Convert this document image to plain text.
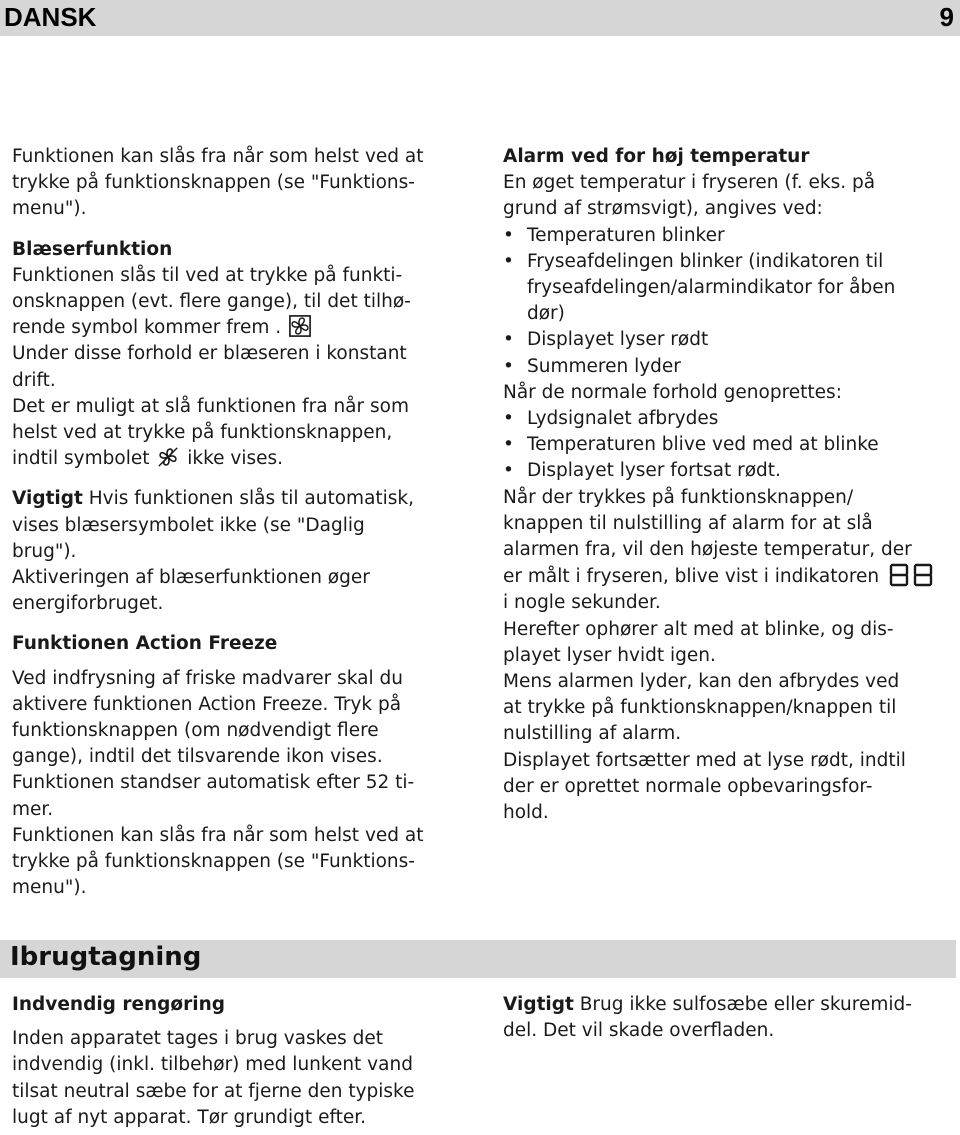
DANSK	9
Funktionen kan slås fra når som helst ved at
trykke på funktionsknappen (se "Funktions-
menu").
Blæserfunktion
Funktionen slås til ved at trykke på funkti-
onsknappen (evt. flere gange), til det tilhø-
rende symbol kommer frem .
Under disse forhold er blæseren i konstant
drift.
Det er muligt at slå funktionen fra når som
helst ved at trykke på funktionsknappen,
indtil symbolet ikke vises.
Vigtigt Hvis funktionen slås til automatisk,
vises blæsersymbolet ikke (se "Daglig
brug").
Aktiveringen af blæserfunktionen øger
energiforbruget.
Funktionen Action Freeze
Ved indfrysning af friske madvarer skal du
aktivere funktionen Action Freeze. Tryk på
funktionsknappen (om nødvendigt flere
gange), indtil det tilsvarende ikon vises.
Funktionen standser automatisk efter 52 ti-
mer.
Funktionen kan slås fra når som helst ved at
trykke på funktionsknappen (se "Funktions-
menu").
Alarm ved for høj temperatur
En øget temperatur i fryseren (f. eks. på
grund af strømsvigt), angives ved:
• Temperaturen blinker
• Fryseafdelingen blinker (indikatoren til
fryseafdelingen/alarmindikator for åben
dør)
• Displayet lyser rødt
• Summeren lyder
Når de normale forhold genoprettes:
• Lydsignalet afbrydes
• Temperaturen blive ved med at blinke
• Displayet lyser fortsat rødt.
Når der trykkes på funktionsknappen/
knappen til nulstilling af alarm for at slå
alarmen fra, vil den højeste temperatur, der
er målt i fryseren, blive vist i indikatoren
i nogle sekunder.
Herefter ophører alt med at blinke, og dis-
playet lyser hvidt igen.
Mens alarmen lyder, kan den afbrydes ved
at trykke på funktionsknappen/knappen til
nulstilling af alarm.
Displayet fortsætter med at lyse rødt, indtil
der er oprettet normale opbevaringsfor-
hold.
Ibrugtagning
Indvendig rengøring
Inden apparatet tages i brug vaskes det
indvendig (inkl. tilbehør) med lunkent vand
tilsat neutral sæbe for at fjerne den typiske
lugt af nyt apparat. Tør grundigt efter.
Vigtigt Brug ikke sulfosæbe eller skuremid-
del. Det vil skade overfladen.
